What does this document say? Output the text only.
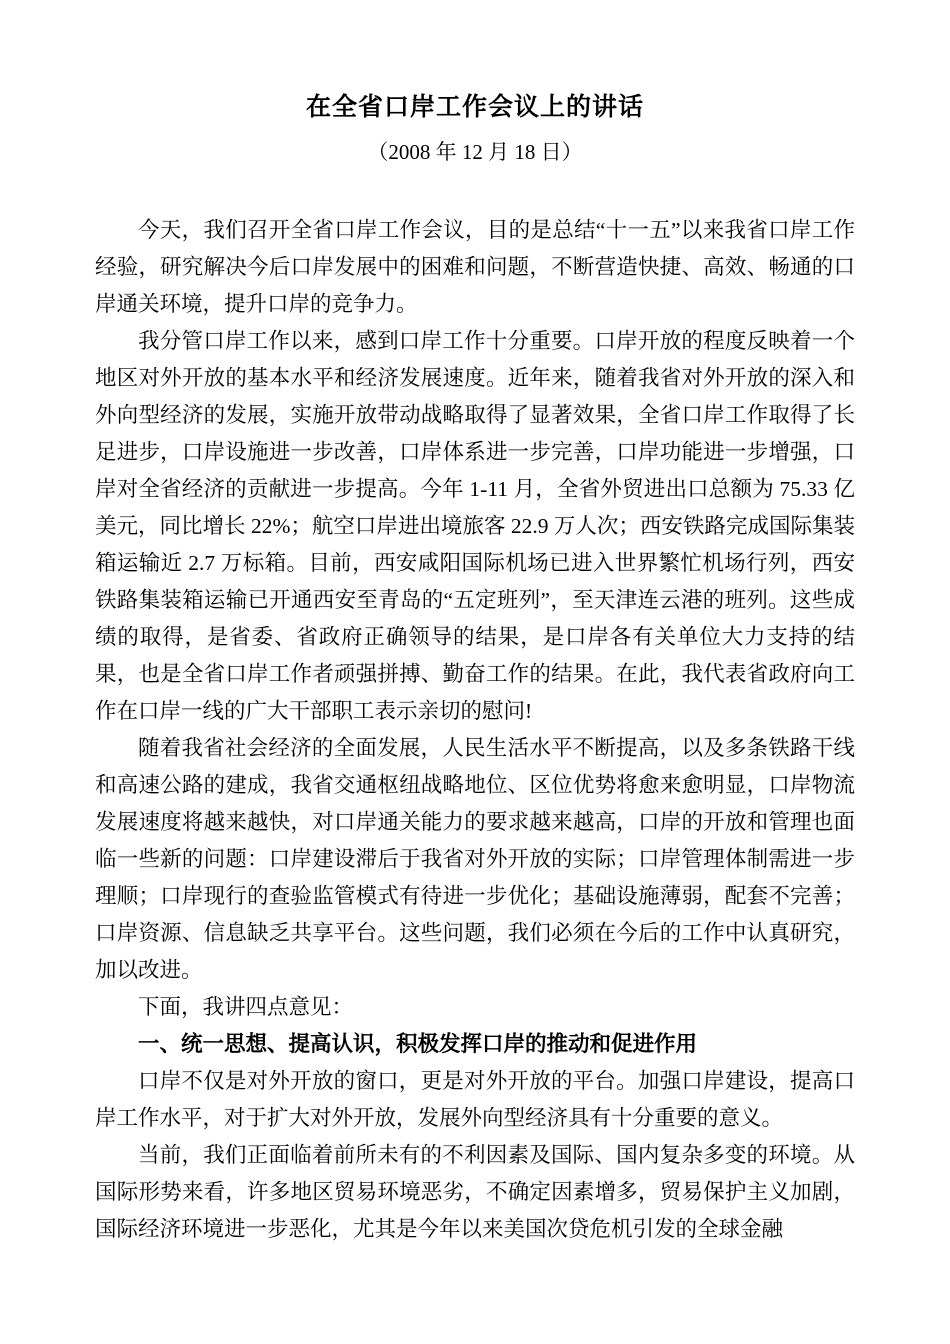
在全省口岸工作会议上的讲话
（2008 年 12 月 18 日）

今天，我们召开全省口岸工作会议，目的是总结“十一五”以来我省口岸工作经验，研究解决今后口岸发展中的困难和问题，不断营造快捷、高效、畅通的口岸通关环境，提升口岸的竞争力。

我分管口岸工作以来，感到口岸工作十分重要。口岸开放的程度反映着一个地区对外开放的基本水平和经济发展速度。近年来，随着我省对外开放的深入和外向型经济的发展，实施开放带动战略取得了显著效果，全省口岸工作取得了长足进步，口岸设施进一步改善，口岸体系进一步完善，口岸功能进一步增强，口岸对全省经济的贡献进一步提高。今年 1-11 月，全省外贸进出口总额为 75.33 亿美元，同比增长 22%；航空口岸进出境旅客 22.9 万人次；西安铁路完成国际集装箱运输近 2.7 万标箱。目前，西安咸阳国际机场已进入世界繁忙机场行列，西安铁路集装箱运输已开通西安至青岛的“五定班列”，至天津连云港的班列。这些成绩的取得，是省委、省政府正确领导的结果，是口岸各有关单位大力支持的结果，也是全省口岸工作者顽强拼搏、勤奋工作的结果。在此，我代表省政府向工作在口岸一线的广大干部职工表示亲切的慰问!

随着我省社会经济的全面发展，人民生活水平不断提高，以及多条铁路干线和高速公路的建成，我省交通枢纽战略地位、区位优势将愈来愈明显，口岸物流发展速度将越来越快，对口岸通关能力的要求越来越高，口岸的开放和管理也面临一些新的问题：口岸建设滞后于我省对外开放的实际；口岸管理体制需进一步理顺；口岸现行的查验监管模式有待进一步优化；基础设施薄弱，配套不完善；口岸资源、信息缺乏共享平台。这些问题，我们必须在今后的工作中认真研究，加以改进。

下面，我讲四点意见：

一、统一思想、提高认识，积极发挥口岸的推动和促进作用

口岸不仅是对外开放的窗口，更是对外开放的平台。加强口岸建设，提高口岸工作水平，对于扩大对外开放，发展外向型经济具有十分重要的意义。

当前，我们正面临着前所未有的不利因素及国际、国内复杂多变的环境。从国际形势来看，许多地区贸易环境恶劣，不确定因素增多，贸易保护主义加剧，国际经济环境进一步恶化，尤其是今年以来美国次贷危机引发的全球金融
